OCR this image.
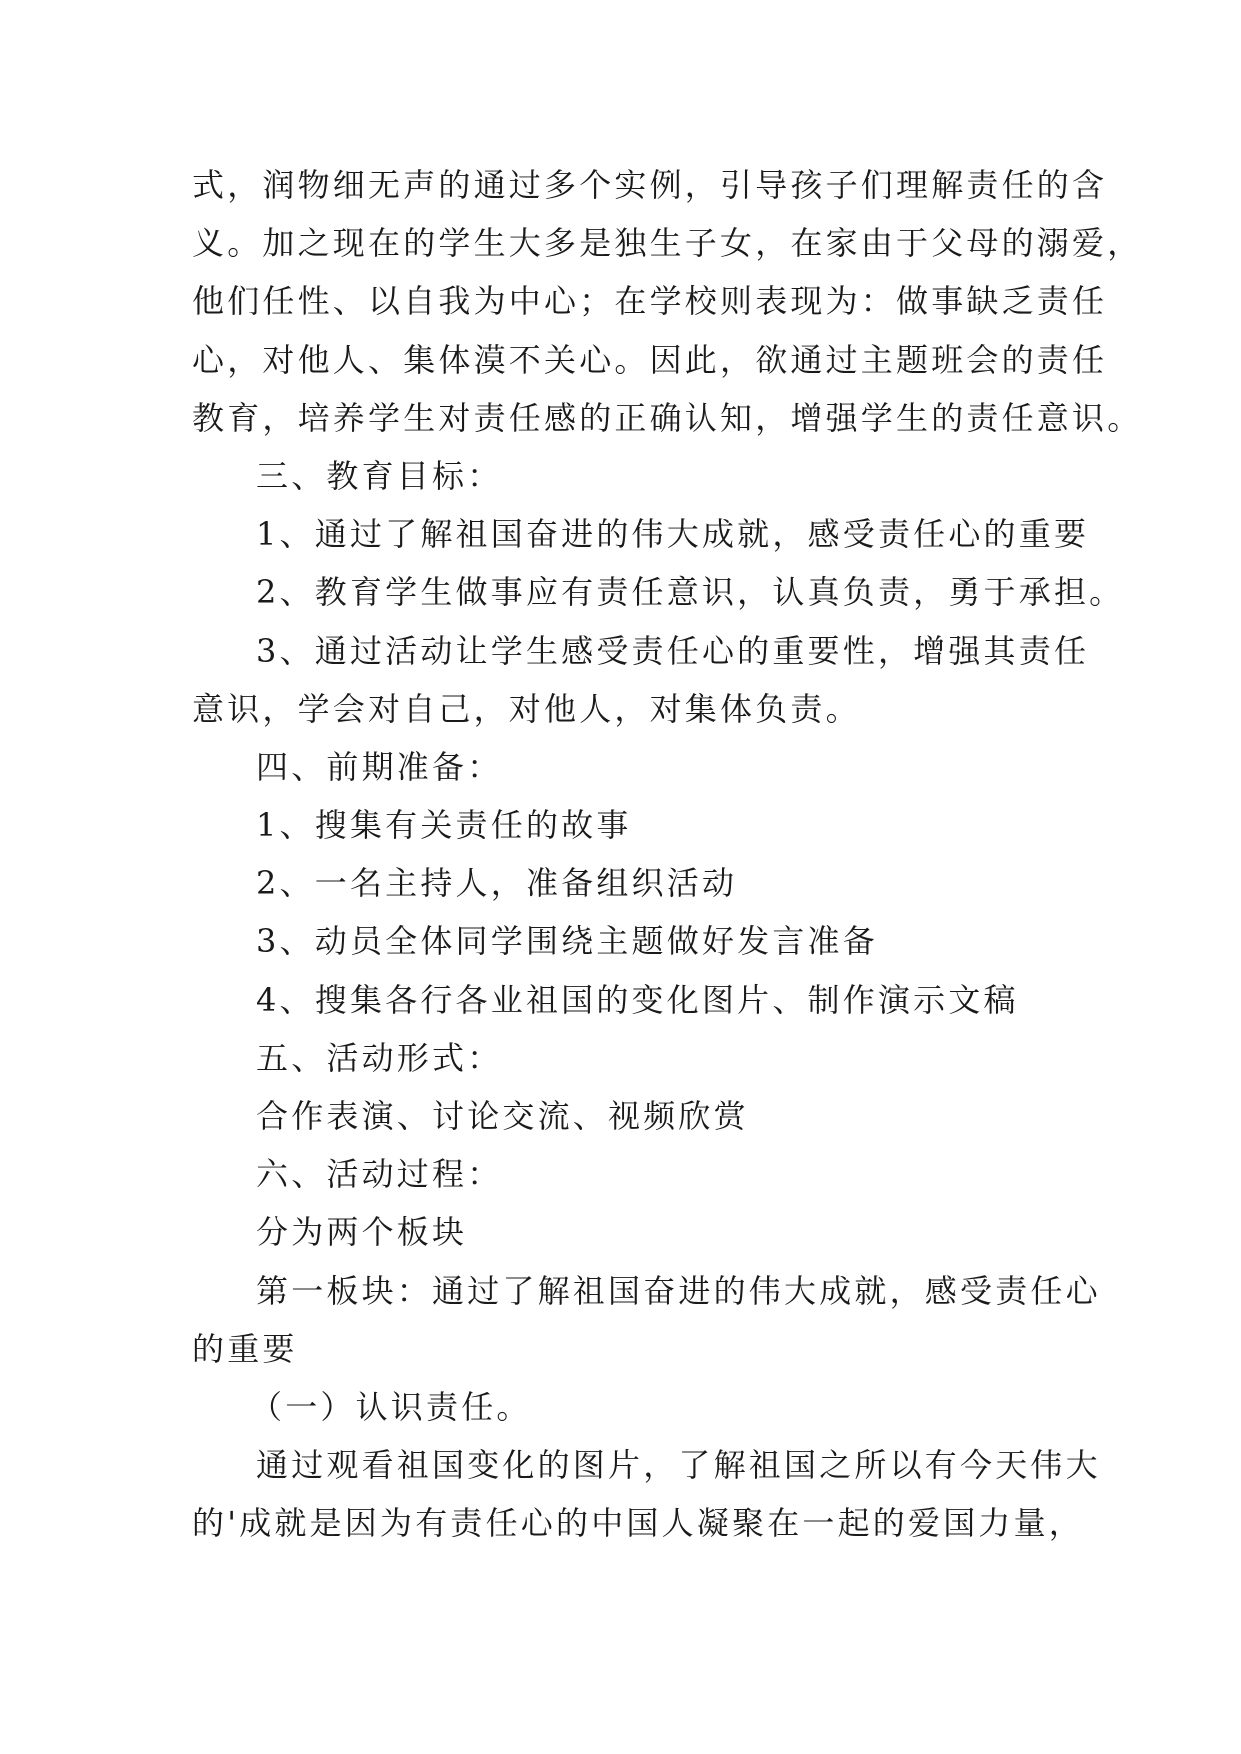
式，润物细无声的通过多个实例，引导孩子们理解责任的含
义。加之现在的学生大多是独生子女，在家由于父母的溺爱，
他们任性、以自我为中心；在学校则表现为：做事缺乏责任
心，对他人、集体漠不关心。因此，欲通过主题班会的责任
教育，培养学生对责任感的正确认知，增强学生的责任意识。
三、教育目标：
1、通过了解祖国奋进的伟大成就，感受责任心的重要
2、教育学生做事应有责任意识，认真负责，勇于承担。
3、通过活动让学生感受责任心的重要性，增强其责任
意识，学会对自己，对他人，对集体负责。
四、前期准备：
1、搜集有关责任的故事
2、一名主持人，准备组织活动
3、动员全体同学围绕主题做好发言准备
4、搜集各行各业祖国的变化图片、制作演示文稿
五、活动形式：
合作表演、讨论交流、视频欣赏
六、活动过程：
分为两个板块
第一板块：通过了解祖国奋进的伟大成就，感受责任心
的重要
（一）认识责任。
通过观看祖国变化的图片，了解祖国之所以有今天伟大
的'成就是因为有责任心的中国人凝聚在一起的爱国力量，
